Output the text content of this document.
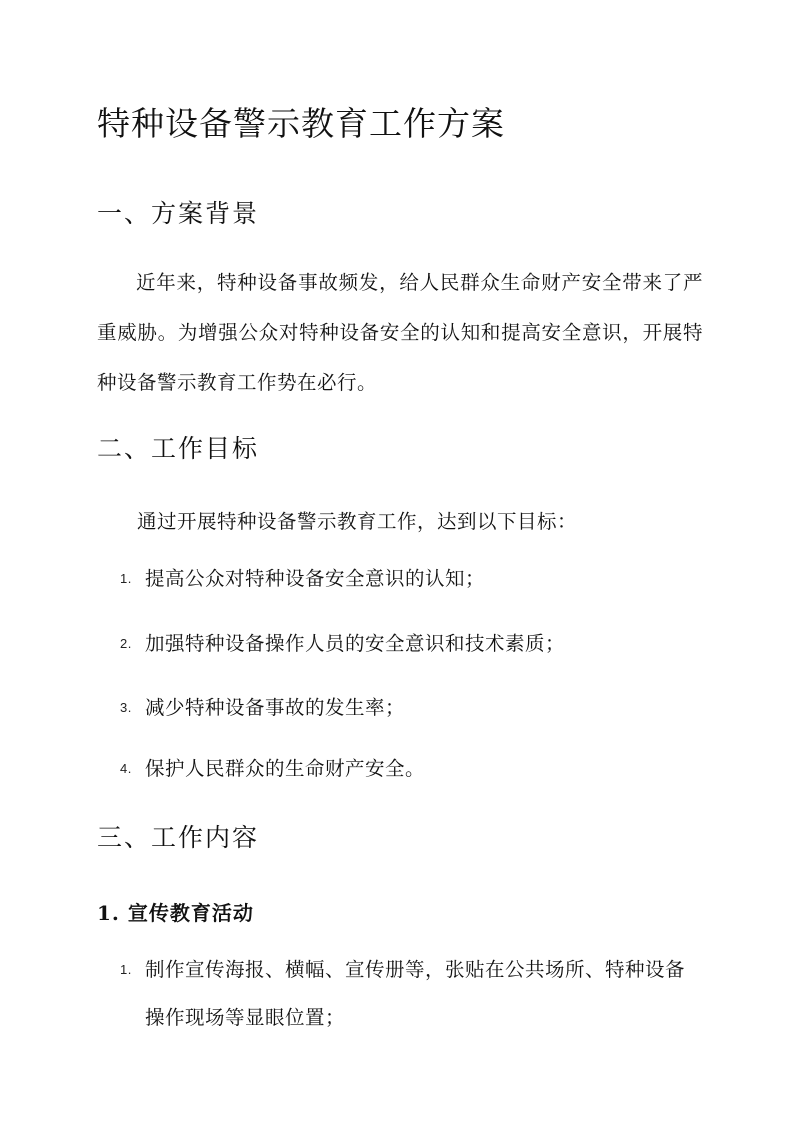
特种设备警示教育工作方案
一、方案背景

近年来，特种设备事故频发，给人民群众生命财产安全带来了严重威胁。为增强公众对特种设备安全的认知和提高安全意识，开展特种设备警示教育工作势在必行。

二、工作目标

通过开展特种设备警示教育工作，达到以下目标：

1. 提高公众对特种设备安全意识的认知；
2. 加强特种设备操作人员的安全意识和技术素质；
3. 减少特种设备事故的发生率；
4. 保护人民群众的生命财产安全。
三、工作内容
1. 宣传教育活动
1. 制作宣传海报、横幅、宣传册等，张贴在公共场所、特种设备操作现场等显眼位置；
